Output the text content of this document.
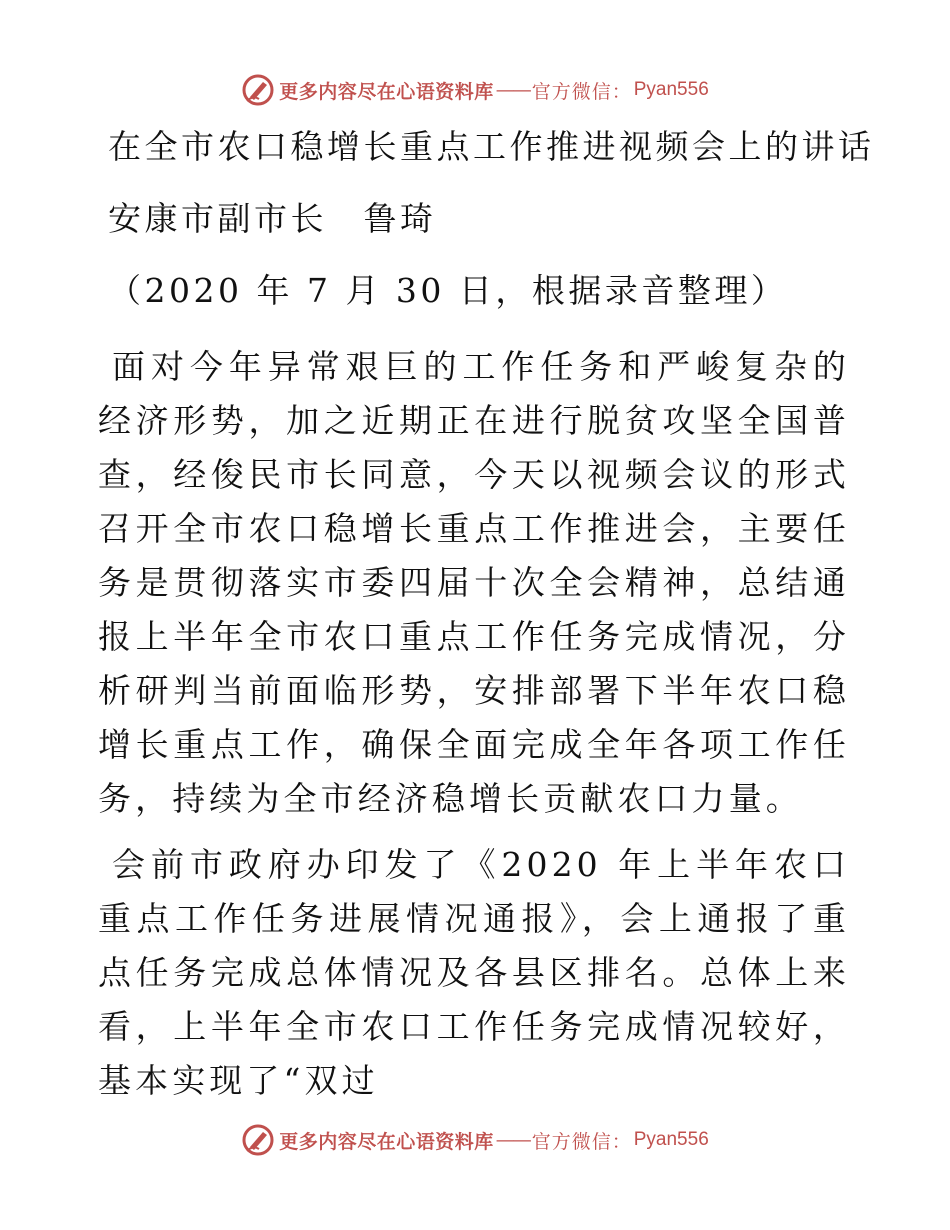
更多内容尽在心语资料库 —— 官方微信： Pyan556
在全市农口稳增长重点工作推进视频会上的讲话
安康市副市长　鲁琦
（2020 年 7 月 30 日，根据录音整理）

面对今年异常艰巨的工作任务和严峻复杂的经济形势，加之近期正在进行脱贫攻坚全国普查，经俊民市长同意，今天以视频会议的形式召开全市农口稳增长重点工作推进会，主要任务是贯彻落实市委四届十次全会精神，总结通报上半年全市农口重点工作任务完成情况，分析研判当前面临形势，安排部署下半年农口稳增长重点工作，确保全面完成全年各项工作任务，持续为全市经济稳增长贡献农口力量。

会前市政府办印发了《2020 年上半年农口重点工作任务进展情况通报》，会上通报了重点任务完成总体情况及各县区排名。总体上来看，上半年全市农口工作任务完成情况较好，基本实现了“双过

更多内容尽在心语资料库 —— 官方微信： Pyan556
